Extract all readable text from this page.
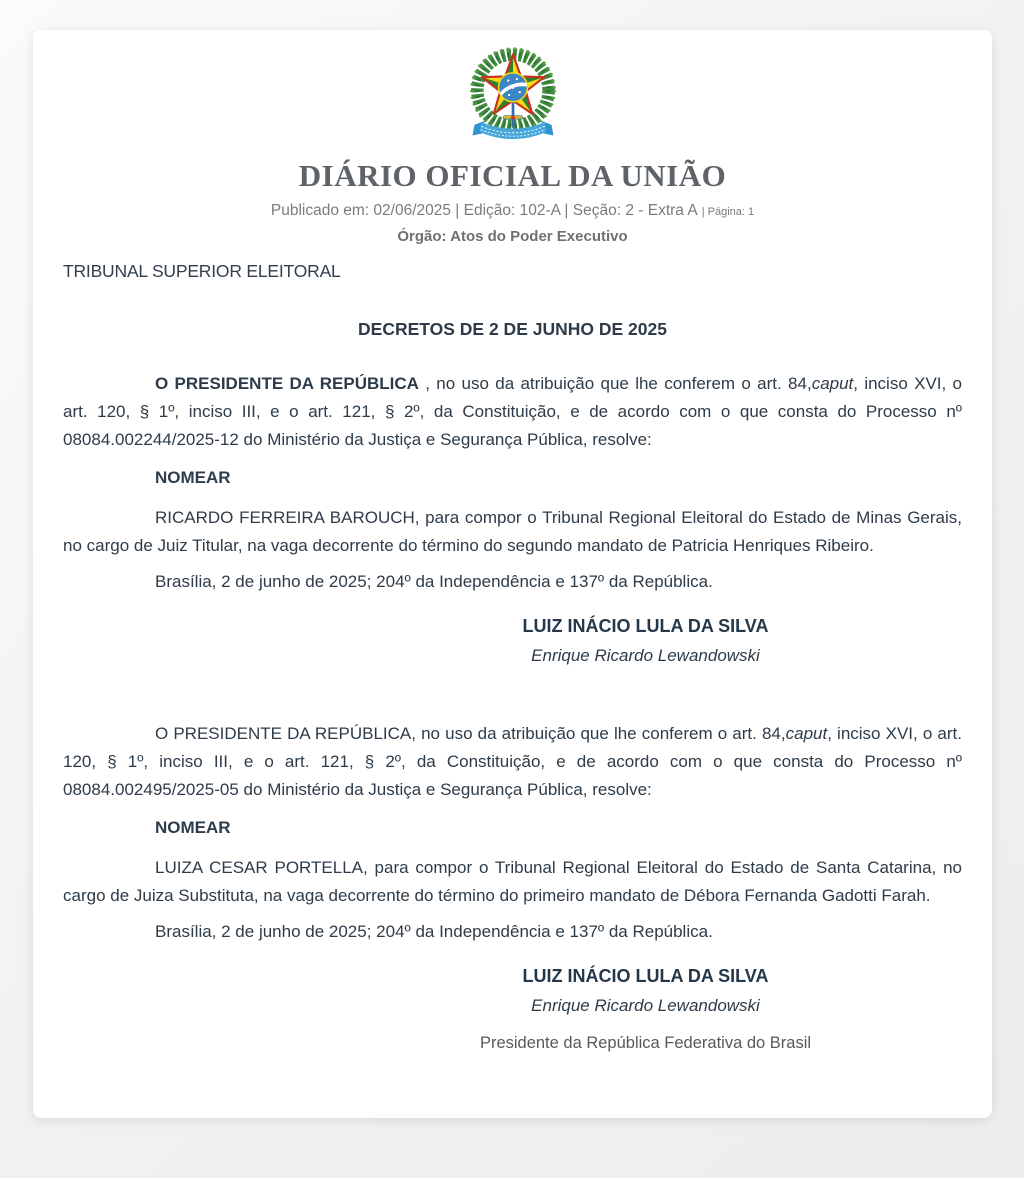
DIÁRIO OFICIAL DA UNIÃO
Publicado em: 02/06/2025 | Edição: 102-A | Seção: 2 - Extra A | Página: 1
Órgão: Atos do Poder Executivo
TRIBUNAL SUPERIOR ELEITORAL
DECRETOS DE 2 DE JUNHO DE 2025

O PRESIDENTE DA REPÚBLICA , no uso da atribuição que lhe conferem o art. 84,caput, inciso XVI, o art. 120, § 1º, inciso III, e o art. 121, § 2º, da Constituição, e de acordo com o que consta do Processo nº 08084.002244/2025-12 do Ministério da Justiça e Segurança Pública, resolve:

NOMEAR

RICARDO FERREIRA BAROUCH, para compor o Tribunal Regional Eleitoral do Estado de Minas Gerais, no cargo de Juiz Titular, na vaga decorrente do término do segundo mandato de Patricia Henriques Ribeiro.

Brasília, 2 de junho de 2025; 204º da Independência e 137º da República.

LUIZ INÁCIO LULA DA SILVA
Enrique Ricardo Lewandowski

O PRESIDENTE DA REPÚBLICA, no uso da atribuição que lhe conferem o art. 84,caput, inciso XVI, o art. 120, § 1º, inciso III, e o art. 121, § 2º, da Constituição, e de acordo com o que consta do Processo nº 08084.002495/2025-05 do Ministério da Justiça e Segurança Pública, resolve:

NOMEAR

LUIZA CESAR PORTELLA, para compor o Tribunal Regional Eleitoral do Estado de Santa Catarina, no cargo de Juiza Substituta, na vaga decorrente do término do primeiro mandato de Débora Fernanda Gadotti Farah.

Brasília, 2 de junho de 2025; 204º da Independência e 137º da República.

LUIZ INÁCIO LULA DA SILVA
Enrique Ricardo Lewandowski
Presidente da República Federativa do Brasil
